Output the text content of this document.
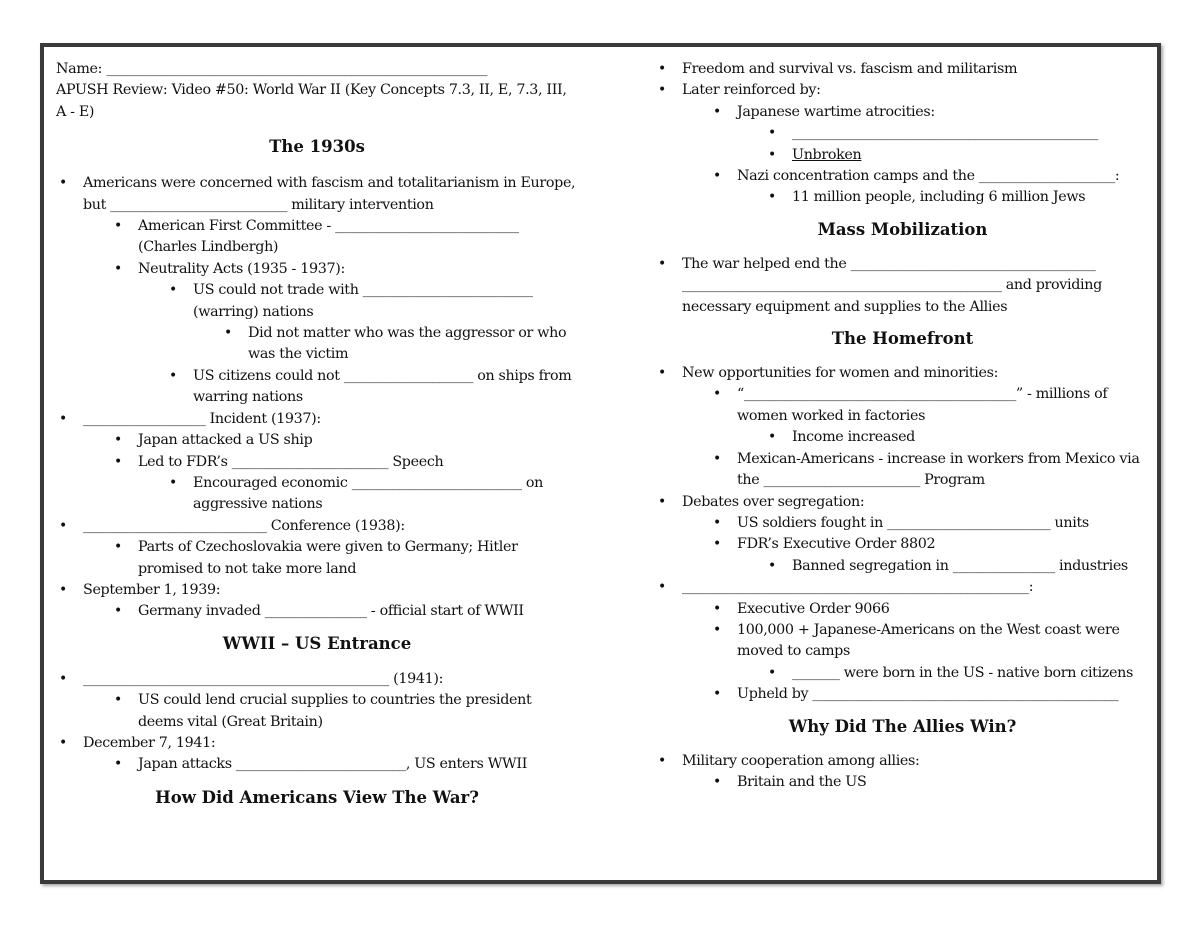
Name: ________________________________________________________

APUSH Review: Video #50: World War II (Key Concepts 7.3, II, E, 7.3, III, A - E)

The 1930s
• Americans were concerned with fascism and totalitarianism in Europe, but __________________________ military intervention
• American First Committee - ___________________________ (Charles Lindbergh)
• Neutrality Acts (1935 - 1937):
• US could not trade with _________________________ (warring) nations
• Did not matter who was the aggressor or who was the victim
• US citizens could not ___________________ on ships from warring nations
• __________________ Incident (1937):
• Japan attacked a US ship
• Led to FDR’s _______________________ Speech
• Encouraged economic _________________________ on aggressive nations
• ___________________________ Conference (1938):
• Parts of Czechoslovakia were given to Germany; Hitler promised to not take more land
• September 1, 1939:
• Germany invaded _______________ - official start of WWII
WWII – US Entrance
• _____________________________________________ (1941):
• US could lend crucial supplies to countries the president deems vital (Great Britain)
• December 7, 1941:
• Japan attacks _________________________, US enters WWII
How Did Americans View The War?
• Freedom and survival vs. fascism and militarism
• Later reinforced by:
• Japanese wartime atrocities:
• _____________________________________________
• Unbroken
• Nazi concentration camps and the ____________________:
• 11 million people, including 6 million Jews
Mass Mobilization
• The war helped end the ____________________________________ _______________________________________________ and providing necessary equipment and supplies to the Allies
The Homefront
• New opportunities for women and minorities:
• “________________________________________” - millions of women worked in factories
• Income increased
• Mexican-Americans - increase in workers from Mexico via the _______________________ Program
• Debates over segregation:
• US soldiers fought in ________________________ units
• FDR’s Executive Order 8802
• Banned segregation in _______________ industries
• ___________________________________________________:
• Executive Order 9066
• 100,000 + Japanese-Americans on the West coast were moved to camps
• _______ were born in the US - native born citizens
• Upheld by _____________________________________________
Why Did The Allies Win?
• Military cooperation among allies:
• Britain and the US
